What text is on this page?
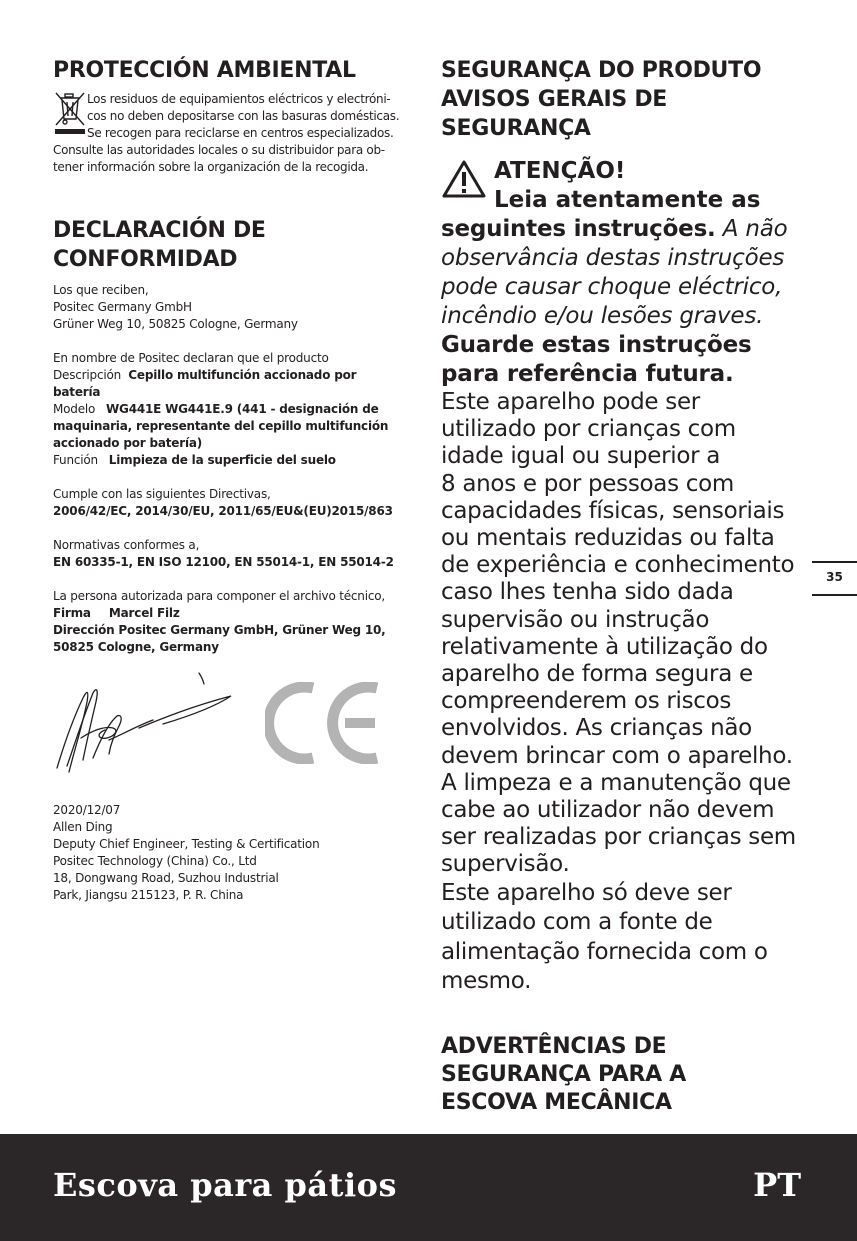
PROTECCIÓN AMBIENTAL
Los residuos de equipamientos eléctricos y electróni-
cos no deben depositarse con las basuras domésticas.
Se recogen para reciclarse en centros especializados.
Consulte las autoridades locales o su distribuidor para ob-
tener información sobre la organización de la recogida.
DECLARACIÓN DE
CONFORMIDAD

Los que reciben,

Positec Germany GmbH

Grüner Weg 10, 50825 Cologne, Germany

En nombre de Positec declaran que el producto

Descripción Cepillo multifunción accionado por

batería

Modelo WG441E WG441E.9 (441 - designación de

maquinaria, representante del cepillo multifunción

accionado por batería)

Función Limpieza de la superficie del suelo

Cumple con las siguientes Directivas,

2006/42/EC, 2014/30/EU, 2011/65/EU&(EU)2015/863

Normativas conformes a,

EN 60335-1, EN ISO 12100, EN 55014-1, EN 55014-2

La persona autorizada para componer el archivo técnico,

Firma Marcel Filz

Dirección Positec Germany GmbH, Grüner Weg 10,

50825 Cologne, Germany

2020/12/07

Allen Ding

Deputy Chief Engineer, Testing & Certification

Positec Technology (China) Co., Ltd

18, Dongwang Road, Suzhou Industrial

Park, Jiangsu 215123, P. R. China

SEGURANÇA DO PRODUTO
AVISOS GERAIS DE
SEGURANÇA

ATENÇÃO!

Leia atentamente as

seguintes instruções. A não

observância destas instruções

pode causar choque eléctrico,

incêndio e/ou lesões graves.

Guarde estas instruções

para referência futura.

Este aparelho pode ser

utilizado por crianças com

idade igual ou superior a

8 anos e por pessoas com

capacidades físicas, sensoriais

ou mentais reduzidas ou falta

de experiência e conhecimento

caso lhes tenha sido dada

supervisão ou instrução

relativamente à utilização do

aparelho de forma segura e

compreenderem os riscos

envolvidos. As crianças não

devem brincar com o aparelho.

A limpeza e a manutenção que

cabe ao utilizador não devem

ser realizadas por crianças sem

supervisão.

Este aparelho só deve ser

utilizado com a fonte de

alimentação fornecida com o

mesmo.

ADVERTÊNCIAS DE
SEGURANÇA PARA A
ESCOVA MECÂNICA
35
Escova para pátios	PT
